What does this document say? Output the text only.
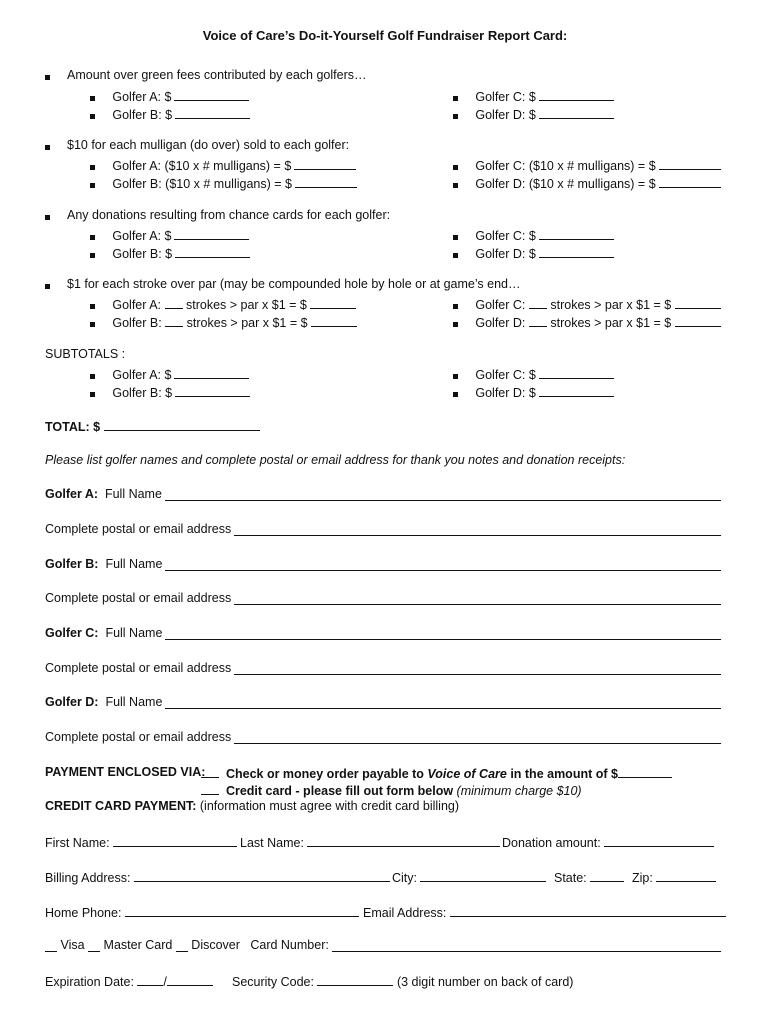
Voice of Care’s Do-it-Yourself Golf Fundraiser Report Card:
Amount over green fees contributed by each golfers…
Golfer A: $
Golfer B: $
Golfer C: $
Golfer D: $
$10 for each mulligan (do over) sold to each golfer:
Golfer A: ($10 x # mulligans) = $
Golfer B: ($10 x # mulligans) = $
Golfer C: ($10 x # mulligans) = $
Golfer D: ($10 x # mulligans) = $
Any donations resulting from chance cards for each golfer:
Golfer A: $
Golfer B: $
Golfer C: $
Golfer D: $
$1 for each stroke over par (may be compounded hole by hole or at game’s end…
Golfer A: strokes > par x $1 = $
Golfer B: strokes > par x $1 = $
Golfer C: strokes > par x $1 = $
Golfer D: strokes > par x $1 = $
SUBTOTALS :
Golfer A: $
Golfer B: $
Golfer C: $
Golfer D: $
TOTAL: $
Please list golfer names and complete postal or email address for thank you notes and donation receipts:
Golfer A:
Full Name
Complete postal or email address
Golfer B:
Full Name
Complete postal or email address
Golfer C:
Full Name
Complete postal or email address
Golfer D:
Full Name
Complete postal or email address
PAYMENT ENCLOSED VIA:	Check or money order payable to Voice of Care in the amount of $
Credit card - please fill out form below (minimum charge $10)
CREDIT CARD PAYMENT: (information must agree with credit card billing)
First Name:	Last Name:	Donation amount:
Billing Address:	City:	State:	Zip:
Home Phone:	Email Address:

Visa

Master Card

Discover
Card Number:
Expiration Date: /	Security Code:	(3 digit number on back of card)
